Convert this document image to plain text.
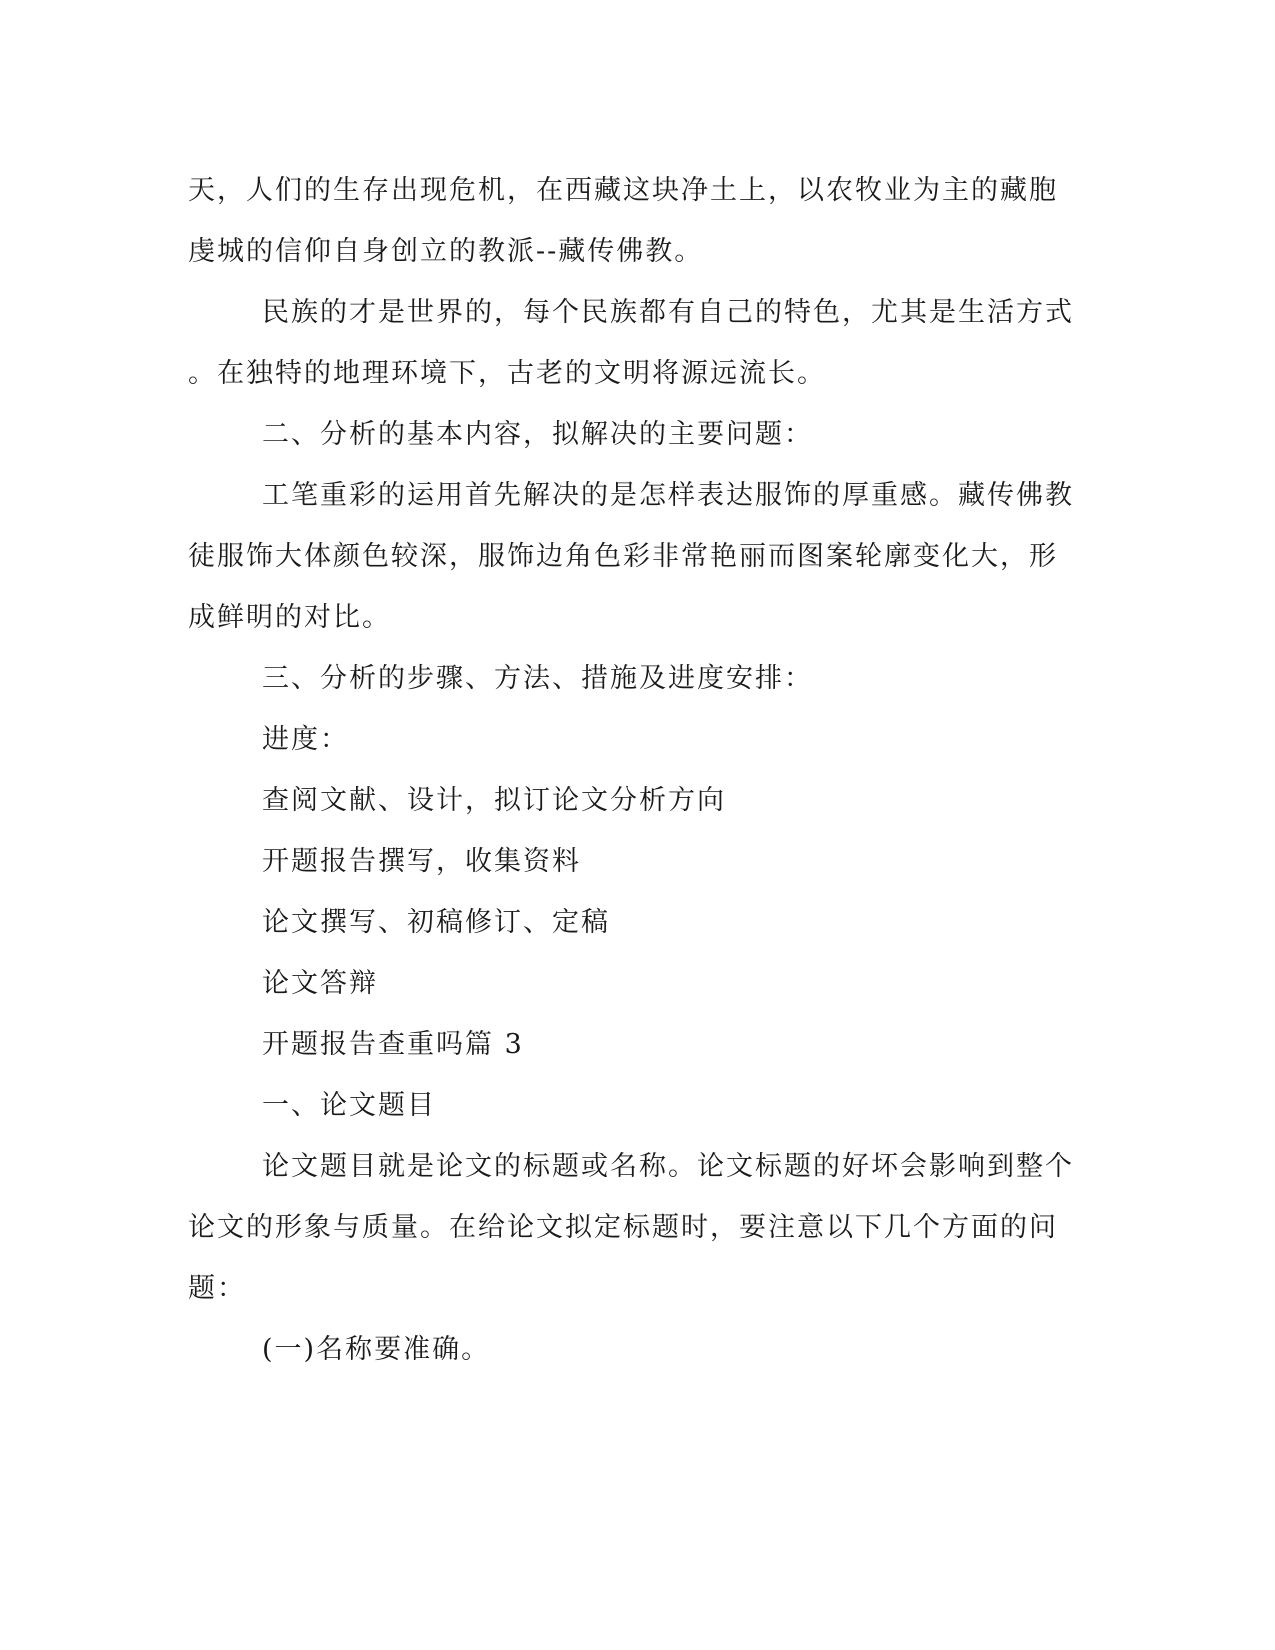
天，人们的生存出现危机，在西藏这块净土上，以农牧业为主的藏胞
虔城的信仰自身创立的教派--藏传佛教。
民族的才是世界的，每个民族都有自己的特色，尤其是生活方式
。在独特的地理环境下，古老的文明将源远流长。
二、分析的基本内容，拟解决的主要问题：
工笔重彩的运用首先解决的是怎样表达服饰的厚重感。藏传佛教
徒服饰大体颜色较深，服饰边角色彩非常艳丽而图案轮廓变化大，形
成鲜明的对比。
三、分析的步骤、方法、措施及进度安排：
进度：
查阅文献、设计，拟订论文分析方向
开题报告撰写，收集资料
论文撰写、初稿修订、定稿
论文答辩
开题报告查重吗篇 3
一、论文题目
论文题目就是论文的标题或名称。论文标题的好坏会影响到整个
论文的形象与质量。在给论文拟定标题时，要注意以下几个方面的问
题：
(一)名称要准确。
